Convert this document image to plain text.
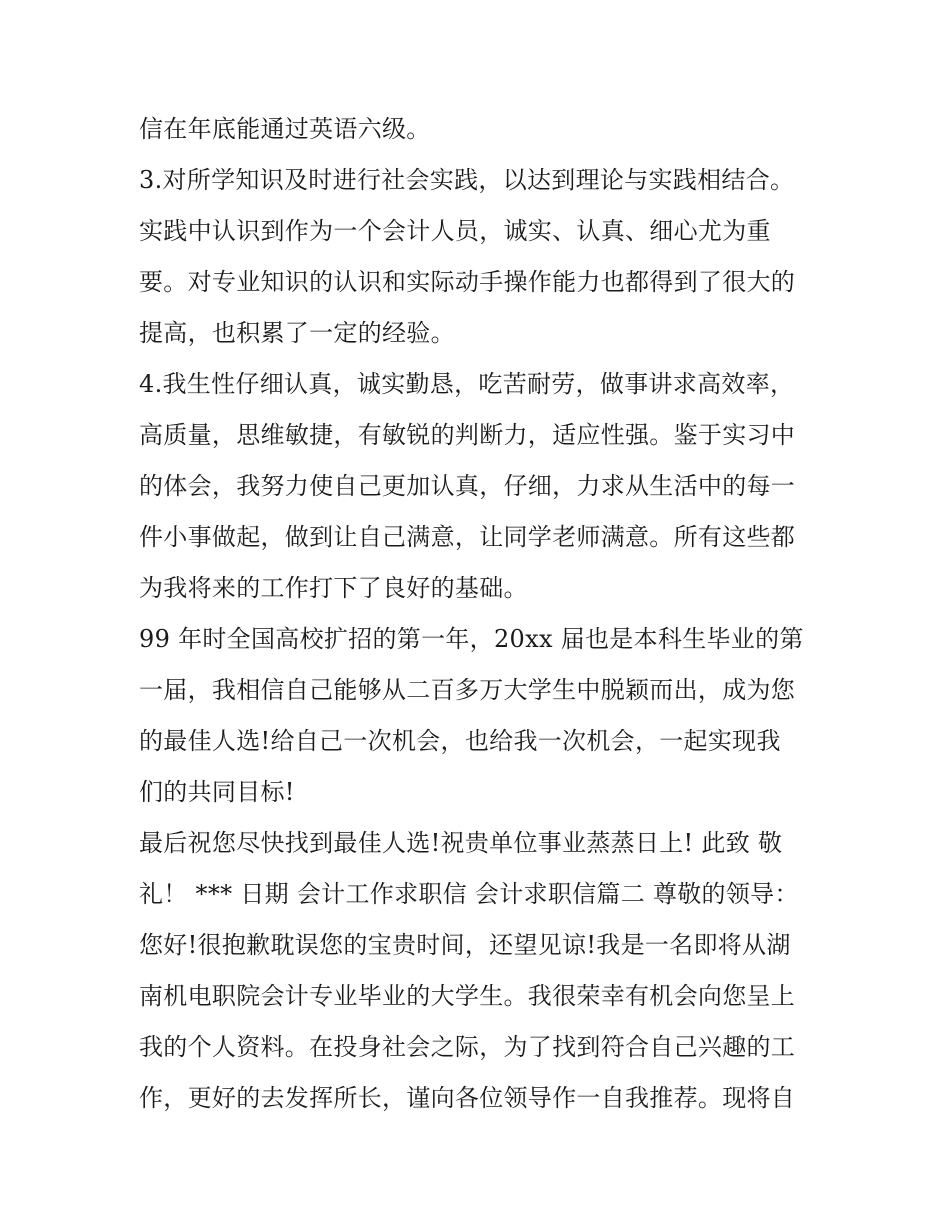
信在年底能通过英语六级。
3.对所学知识及时进行社会实践，以达到理论与实践相结合。
实践中认识到作为一个会计人员，诚实、认真、细心尤为重
要。对专业知识的认识和实际动手操作能力也都得到了很大的
提高，也积累了一定的经验。
4.我生性仔细认真，诚实勤恳，吃苦耐劳，做事讲求高效率，
高质量，思维敏捷，有敏锐的判断力，适应性强。鉴于实习中
的体会，我努力使自己更加认真，仔细，力求从生活中的每一
件小事做起，做到让自己满意，让同学老师满意。所有这些都
为我将来的工作打下了良好的基础。
99 年时全国高校扩招的第一年，20xx 届也是本科生毕业的第
一届，我相信自己能够从二百多万大学生中脱颖而出，成为您
的最佳人选!给自己一次机会，也给我一次机会，一起实现我
们的共同目标!
最后祝您尽快找到最佳人选!祝贵单位事业蒸蒸日上! 此致 敬
礼！ *** 日期 会计工作求职信 会计求职信篇二 尊敬的领导：
您好!很抱歉耽误您的宝贵时间，还望见谅!我是一名即将从湖
南机电职院会计专业毕业的大学生。我很荣幸有机会向您呈上
我的个人资料。在投身社会之际，为了找到符合自己兴趣的工
作，更好的去发挥所长，谨向各位领导作一自我推荐。现将自
